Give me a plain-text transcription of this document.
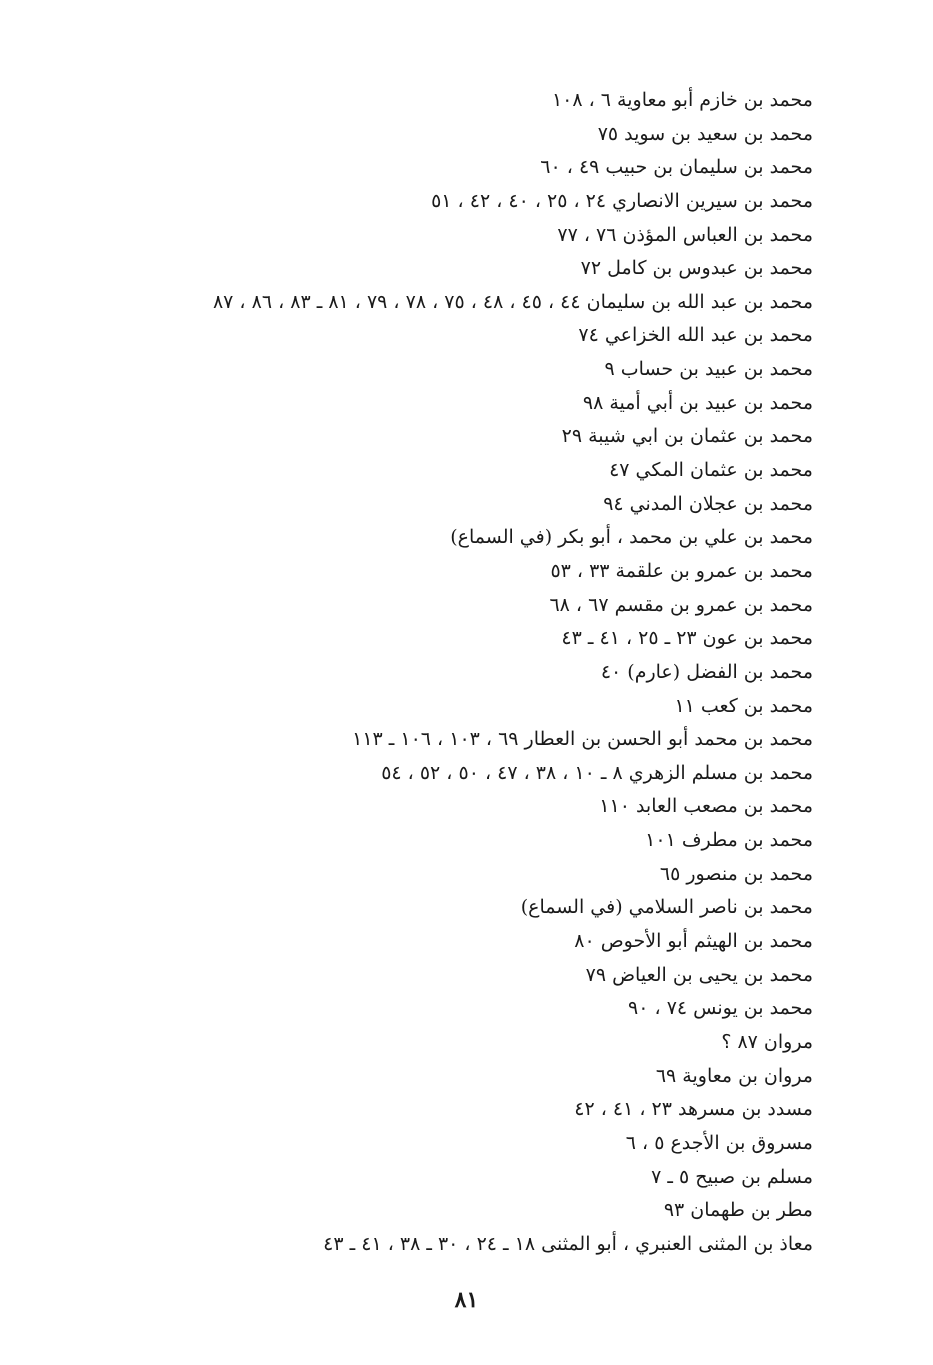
محمد بن خازم أبو معاوية ٦ ، ١٠٨
محمد بن سعيد بن سويد ٧٥
محمد بن سليمان بن حبيب ٤٩ ، ٦٠
محمد بن سيرين الانصاري ٢٤ ، ٢٥ ، ٤٠ ، ٤٢ ، ٥١
محمد بن العباس المؤذن ٧٦ ، ٧٧
محمد بن عبدوس بن كامل ٧٢
محمد بن عبد الله بن سليمان ٤٤ ، ٤٥ ، ٤٨ ، ٧٥ ، ٧٨ ، ٧٩ ، ٨١ ـ ٨٣ ، ٨٦ ، ٨٧
محمد بن عبد الله الخزاعي ٧٤
محمد بن عبيد بن حساب ٩
محمد بن عبيد بن أبي أمية ٩٨
محمد بن عثمان بن ابي شيبة ٢٩
محمد بن عثمان المكي ٤٧
محمد بن عجلان المدني ٩٤
محمد بن علي بن محمد ، أبو بكر (في السماع)
محمد بن عمرو بن علقمة ٣٣ ، ٥٣
محمد بن عمرو بن مقسم ٦٧ ، ٦٨
محمد بن عون ٢٣ ـ ٢٥ ، ٤١ ـ ٤٣
محمد بن الفضل (عارم) ٤٠
محمد بن كعب ١١
محمد بن محمد أبو الحسن بن العطار ٦٩ ، ١٠٣ ، ١٠٦ ـ ١١٣
محمد بن مسلم الزهري ٨ ـ ١٠ ، ٣٨ ، ٤٧ ، ٥٠ ، ٥٢ ، ٥٤
محمد بن مصعب العابد ١١٠
محمد بن مطرف ١٠١
محمد بن منصور ٦٥
محمد بن ناصر السلامي (في السماع)
محمد بن الهيثم أبو الأحوص ٨٠
محمد بن يحيى بن العياض ٧٩
محمد بن يونس ٧٤ ، ٩٠
مروان ٨٧ ؟
مروان بن معاوية ٦٩
مسدد بن مسرهد ٢٣ ، ٤١ ، ٤٢
مسروق بن الأجدع ٥ ، ٦
مسلم بن صبيح ٥ ـ ٧
مطر بن طهمان ٩٣
معاذ بن المثنى العنبري ، أبو المثنى ١٨ ـ ٢٤ ، ٣٠ ـ ٣٨ ، ٤١ ـ ٤٣
٨١
